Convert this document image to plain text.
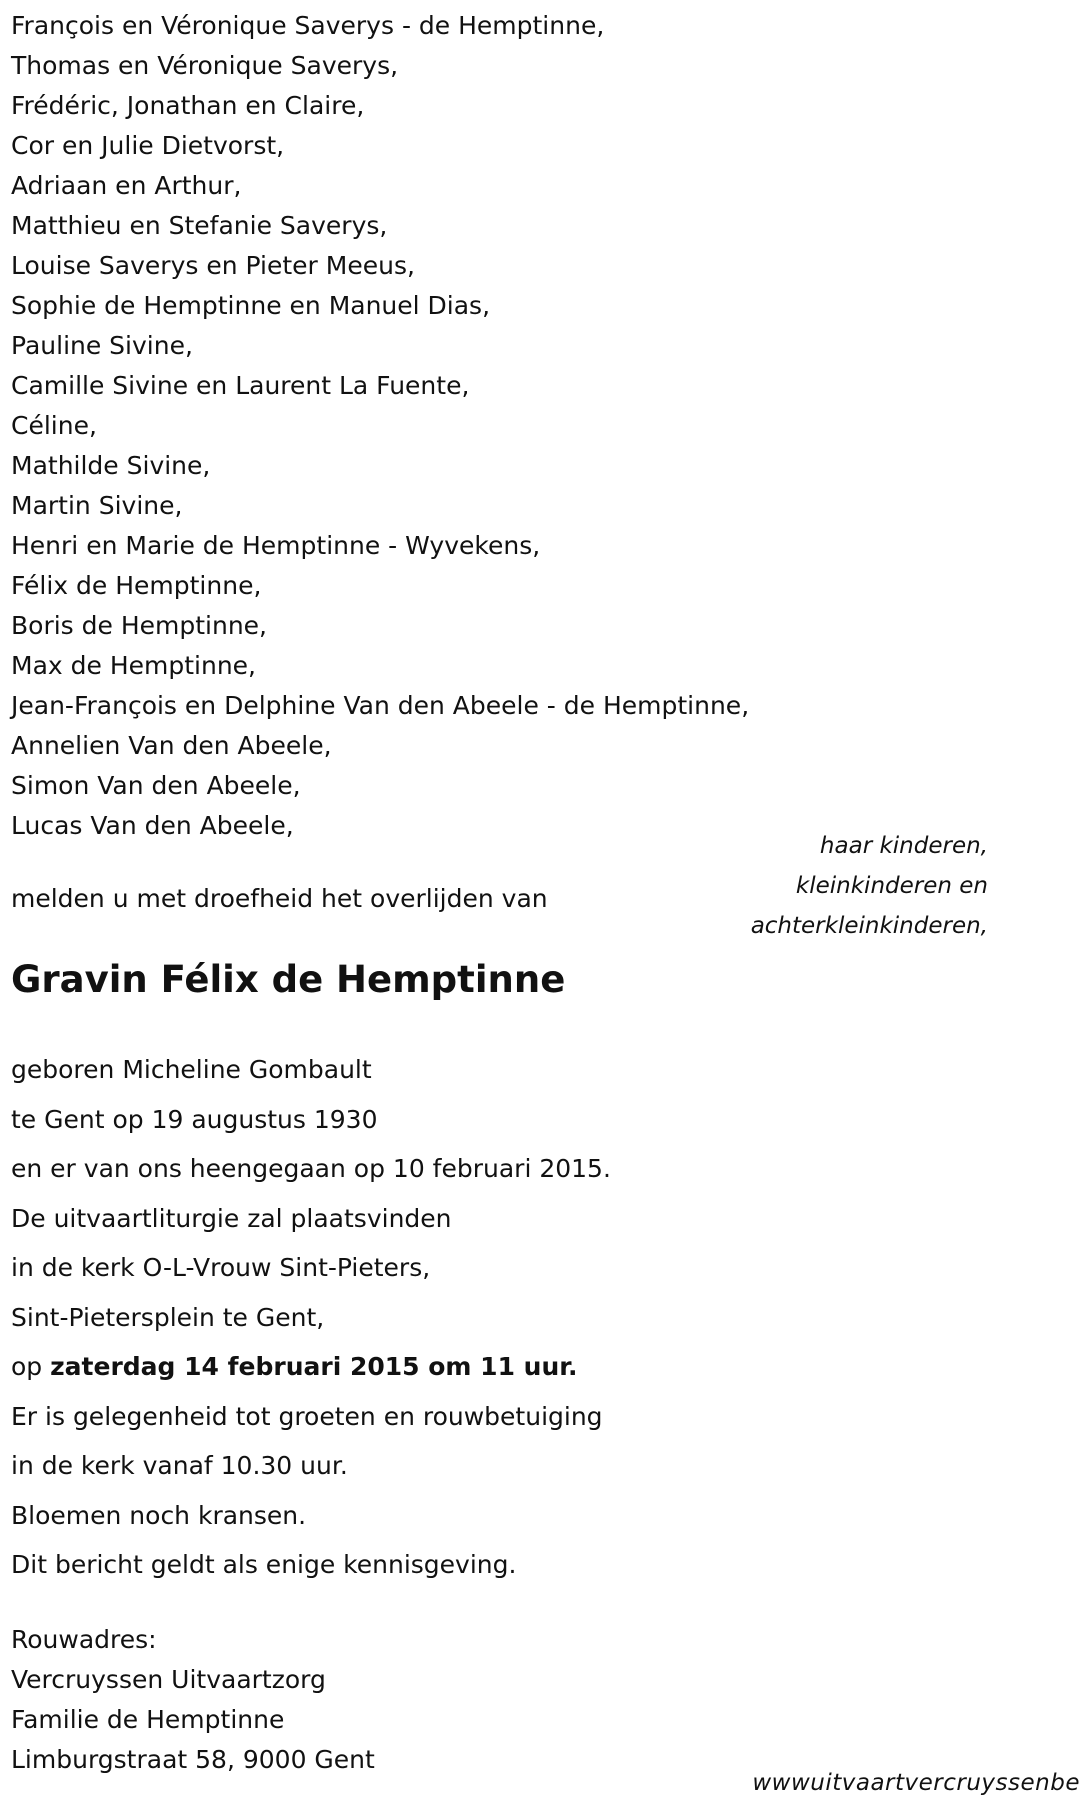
François en Véronique Saverys - de Hemptinne,
Thomas en Véronique Saverys,
Frédéric, Jonathan en Claire,
Cor en Julie Dietvorst,
Adriaan en Arthur,
Matthieu en Stefanie Saverys,
Louise Saverys en Pieter Meeus,
Sophie de Hemptinne en Manuel Dias,
Pauline Sivine,
Camille Sivine en Laurent La Fuente,
Céline,
Mathilde Sivine,
Martin Sivine,
Henri en Marie de Hemptinne - Wyvekens,
Félix de Hemptinne,
Boris de Hemptinne,
Max de Hemptinne,
Jean-François en Delphine Van den Abeele - de Hemptinne,
Annelien Van den Abeele,
Simon Van den Abeele,
Lucas Van den Abeele,
haar kinderen,
kleinkinderen en
achterkleinkinderen,
melden u met droefheid het overlijden van
Gravin Félix de Hemptinne
geboren Micheline Gombault
te Gent op 19 augustus 1930
en er van ons heengegaan op 10 februari 2015.
De uitvaartliturgie zal plaatsvinden
in de kerk O-L-Vrouw Sint-Pieters,
Sint-Pietersplein te Gent,
op zaterdag 14 februari 2015 om 11 uur.
Er is gelegenheid tot groeten en rouwbetuiging
in de kerk vanaf 10.30 uur.
Bloemen noch kransen.
Dit bericht geldt als enige kennisgeving.
Rouwadres:
Vercruyssen Uitvaartzorg
Familie de Hemptinne
Limburgstraat 58, 9000 Gent
wwwuitvaartvercruyssenbe
